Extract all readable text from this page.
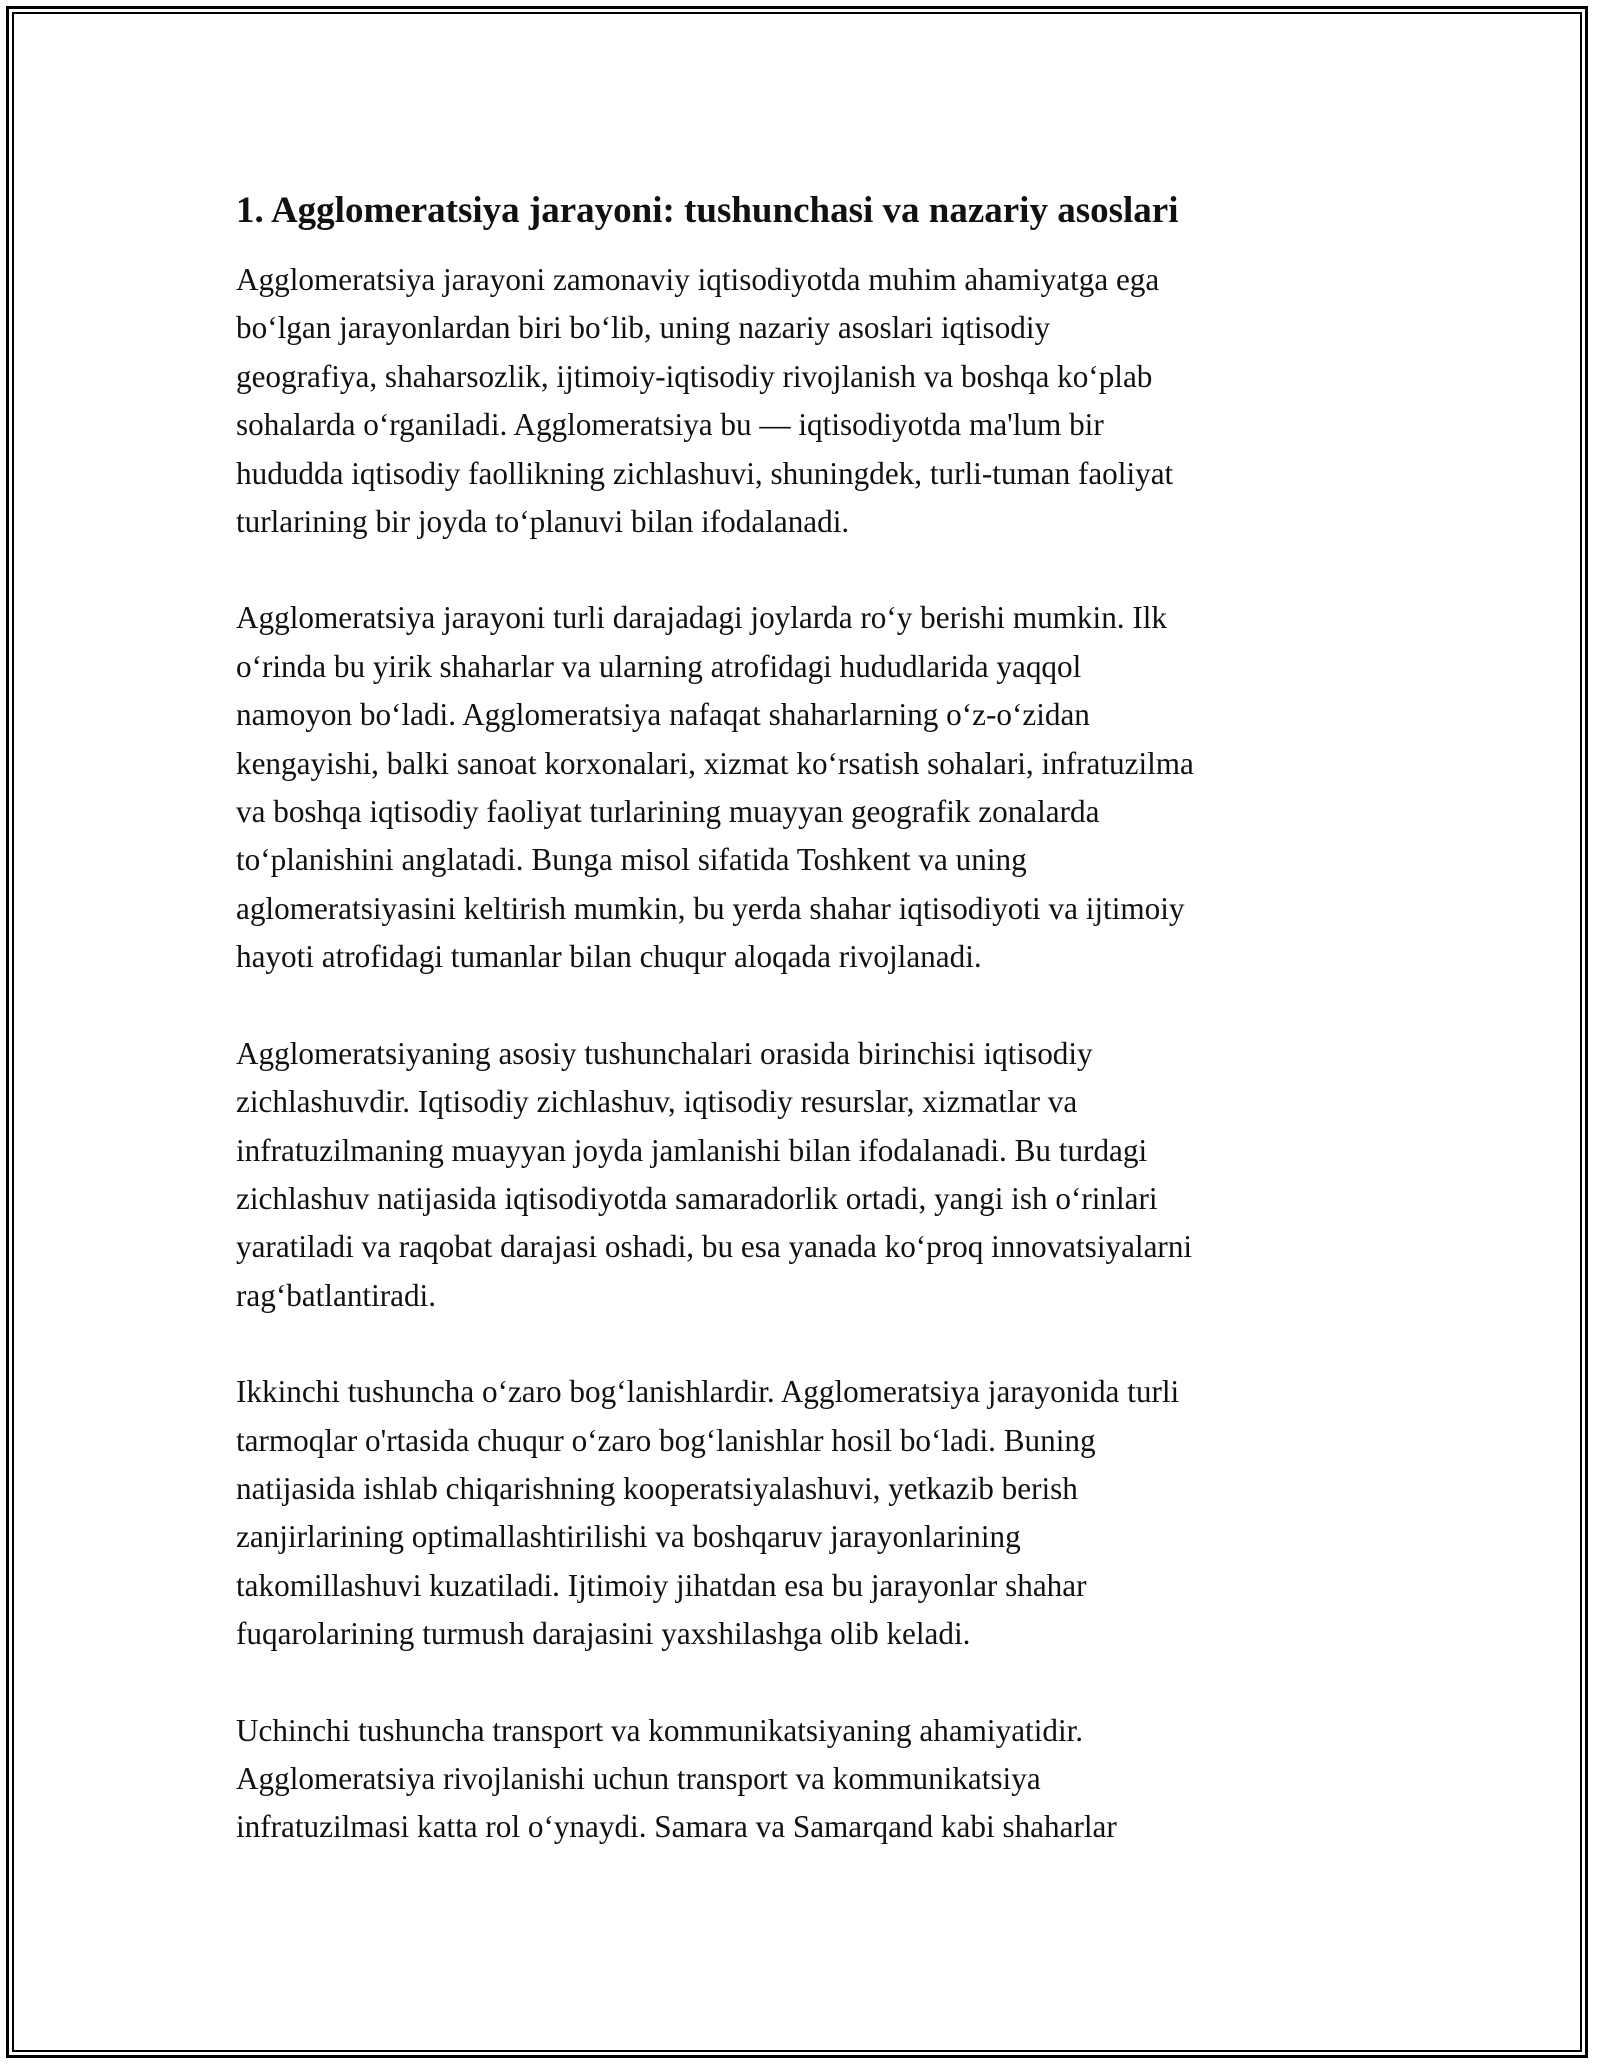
1. Agglomeratsiya jarayoni: tushunchasi va nazariy asoslari

Agglomeratsiya jarayoni zamonaviy iqtisodiyotda muhim ahamiyatga ega
bo‘lgan jarayonlardan biri bo‘lib, uning nazariy asoslari iqtisodiy
geografiya, shaharsozlik, ijtimoiy-iqtisodiy rivojlanish va boshqa ko‘plab
sohalarda o‘rganiladi. Agglomeratsiya bu — iqtisodiyotda ma'lum bir
hududda iqtisodiy faollikning zichlashuvi, shuningdek, turli-tuman faoliyat
turlarining bir joyda to‘planuvi bilan ifodalanadi.

Agglomeratsiya jarayoni turli darajadagi joylarda ro‘y berishi mumkin. Ilk
o‘rinda bu yirik shaharlar va ularning atrofidagi hududlarida yaqqol
namoyon bo‘ladi. Agglomeratsiya nafaqat shaharlarning o‘z-o‘zidan
kengayishi, balki sanoat korxonalari, xizmat ko‘rsatish sohalari, infratuzilma
va boshqa iqtisodiy faoliyat turlarining muayyan geografik zonalarda
to‘planishini anglatadi. Bunga misol sifatida Toshkent va uning
aglomeratsiyasini keltirish mumkin, bu yerda shahar iqtisodiyoti va ijtimoiy
hayoti atrofidagi tumanlar bilan chuqur aloqada rivojlanadi.

Agglomeratsiyaning asosiy tushunchalari orasida birinchisi iqtisodiy
zichlashuvdir. Iqtisodiy zichlashuv, iqtisodiy resurslar, xizmatlar va
infratuzilmaning muayyan joyda jamlanishi bilan ifodalanadi. Bu turdagi
zichlashuv natijasida iqtisodiyotda samaradorlik ortadi, yangi ish o‘rinlari
yaratiladi va raqobat darajasi oshadi, bu esa yanada ko‘proq innovatsiyalarni
rag‘batlantiradi.

Ikkinchi tushuncha o‘zaro bog‘lanishlardir. Agglomeratsiya jarayonida turli
tarmoqlar o'rtasida chuqur o‘zaro bog‘lanishlar hosil bo‘ladi. Buning
natijasida ishlab chiqarishning kooperatsiyalashuvi, yetkazib berish
zanjirlarining optimallashtirilishi va boshqaruv jarayonlarining
takomillashuvi kuzatiladi. Ijtimoiy jihatdan esa bu jarayonlar shahar
fuqarolarining turmush darajasini yaxshilashga olib keladi.

Uchinchi tushuncha transport va kommunikatsiyaning ahamiyatidir.
Agglomeratsiya rivojlanishi uchun transport va kommunikatsiya
infratuzilmasi katta rol o‘ynaydi. Samara va Samarqand kabi shaharlar
